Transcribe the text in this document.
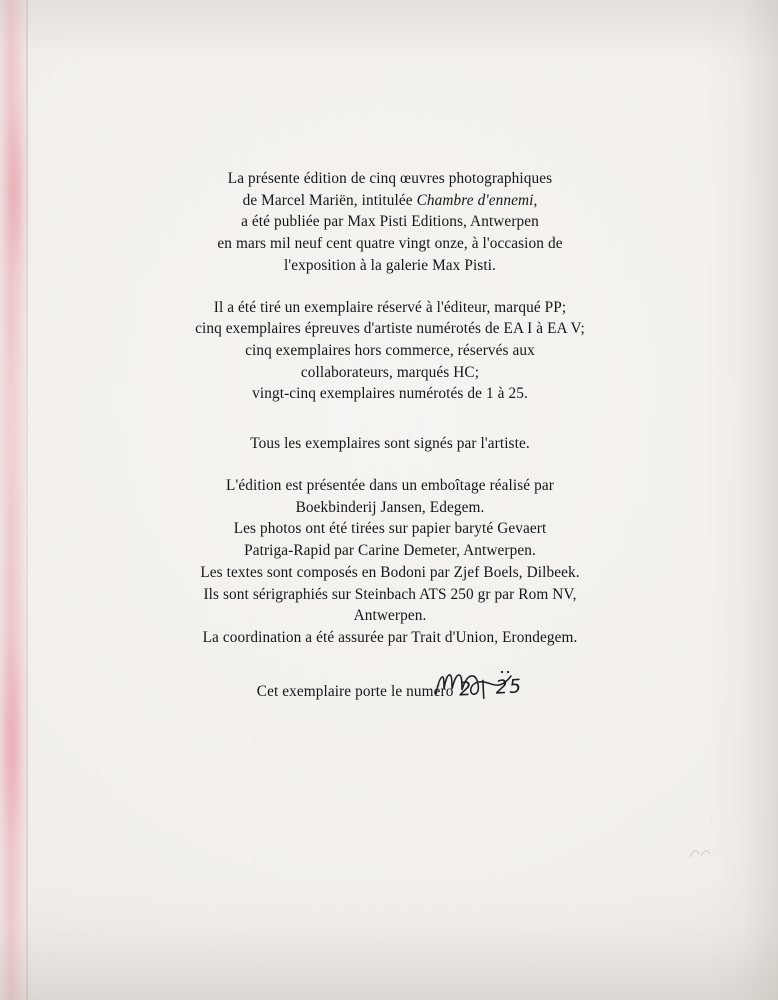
La présente édition de cinq œuvres photographiques
de Marcel Mariën, intitulée Chambre d'ennemi,
a été publiée par Max Pisti Editions, Antwerpen
en mars mil neuf cent quatre vingt onze, à l'occasion de
l'exposition à la galerie Max Pisti.

Il a été tiré un exemplaire réservé à l'éditeur, marqué PP;
cinq exemplaires épreuves d'artiste numérotés de EA I à EA V;
cinq exemplaires hors commerce, réservés aux
collaborateurs, marqués HC;
vingt-cinq exemplaires numérotés de 1 à 25.

Tous les exemplaires sont signés par l'artiste.

L'édition est présentée dans un emboîtage réalisé par
Boekbinderij Jansen, Edegem.
Les photos ont été tirées sur papier baryté Gevaert
Patriga-Rapid par Carine Demeter, Antwerpen.
Les textes sont composés en Bodoni par Zjef Boels, Dilbeek.
Ils sont sérigraphiés sur Steinbach ATS 250 gr par Rom NV,
Antwerpen.
La coordination a été assurée par Trait d'Union, Erondegem.

Cet exemplaire porte le numéro 2 | 25
